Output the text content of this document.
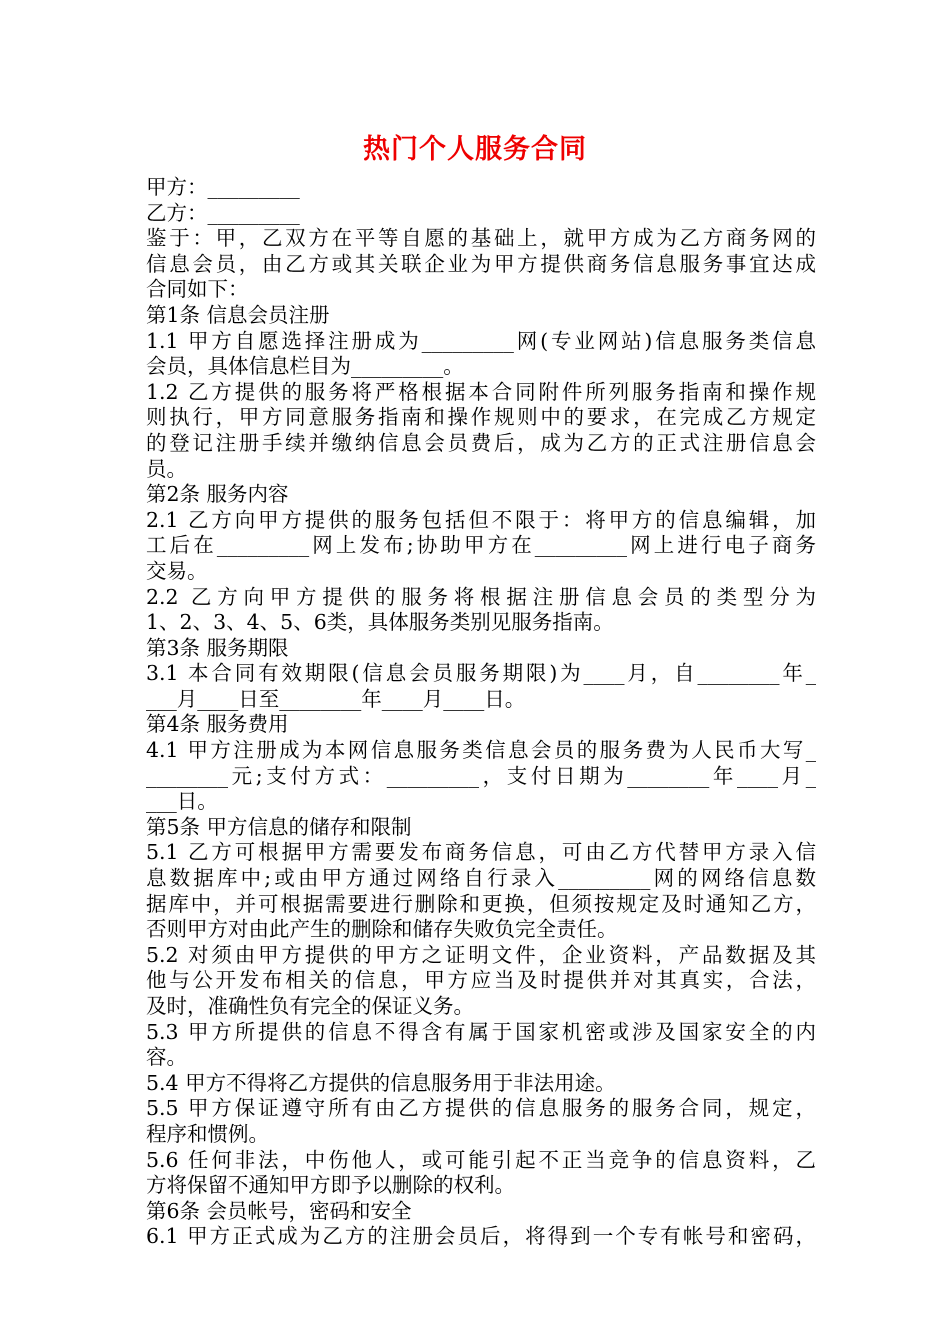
热门个人服务合同
甲方：_________
乙方：_________
鉴于：甲，乙双方在平等自愿的基础上，就甲方成为乙方商务网的
信息会员，由乙方或其关联企业为甲方提供商务信息服务事宜达成
合同如下：
第1条 信息会员注册
1.1 甲方自愿选择注册成为_________网(专业网站)信息服务类信息
会员，具体信息栏目为_________。
1.2 乙方提供的服务将严格根据本合同附件所列服务指南和操作规
则执行，甲方同意服务指南和操作规则中的要求，在完成乙方规定
的登记注册手续并缴纳信息会员费后，成为乙方的正式注册信息会
员。
第2条 服务内容
2.1 乙方向甲方提供的服务包括但不限于：将甲方的信息编辑，加
工后在_________网上发布;协助甲方在_________网上进行电子商务
交易。
2.2 乙方向甲方提供的服务将根据注册信息会员的类型分为
1、2、3、4、5、6类，具体服务类别见服务指南。
第3条 服务期限
3.1 本合同有效期限(信息会员服务期限)为____月，自________年_
___月____日至________年____月____日。
第4条 服务费用
4.1 甲方注册成为本网信息服务类信息会员的服务费为人民币大写_
________元;支付方式：_________，支付日期为________年____月_
___日。
第5条 甲方信息的储存和限制
5.1 乙方可根据甲方需要发布商务信息，可由乙方代替甲方录入信
息数据库中;或由甲方通过网络自行录入_________网的网络信息数
据库中，并可根据需要进行删除和更换，但须按规定及时通知乙方，
否则甲方对由此产生的删除和储存失败负完全责任。
5.2 对须由甲方提供的甲方之证明文件，企业资料，产品数据及其
他与公开发布相关的信息，甲方应当及时提供并对其真实，合法，
及时，准确性负有完全的保证义务。
5.3 甲方所提供的信息不得含有属于国家机密或涉及国家安全的内
容。
5.4 甲方不得将乙方提供的信息服务用于非法用途。
5.5 甲方保证遵守所有由乙方提供的信息服务的服务合同，规定，
程序和惯例。
5.6 任何非法，中伤他人，或可能引起不正当竞争的信息资料，乙
方将保留不通知甲方即予以删除的权利。
第6条 会员帐号，密码和安全
6.1 甲方正式成为乙方的注册会员后，将得到一个专有帐号和密码，
